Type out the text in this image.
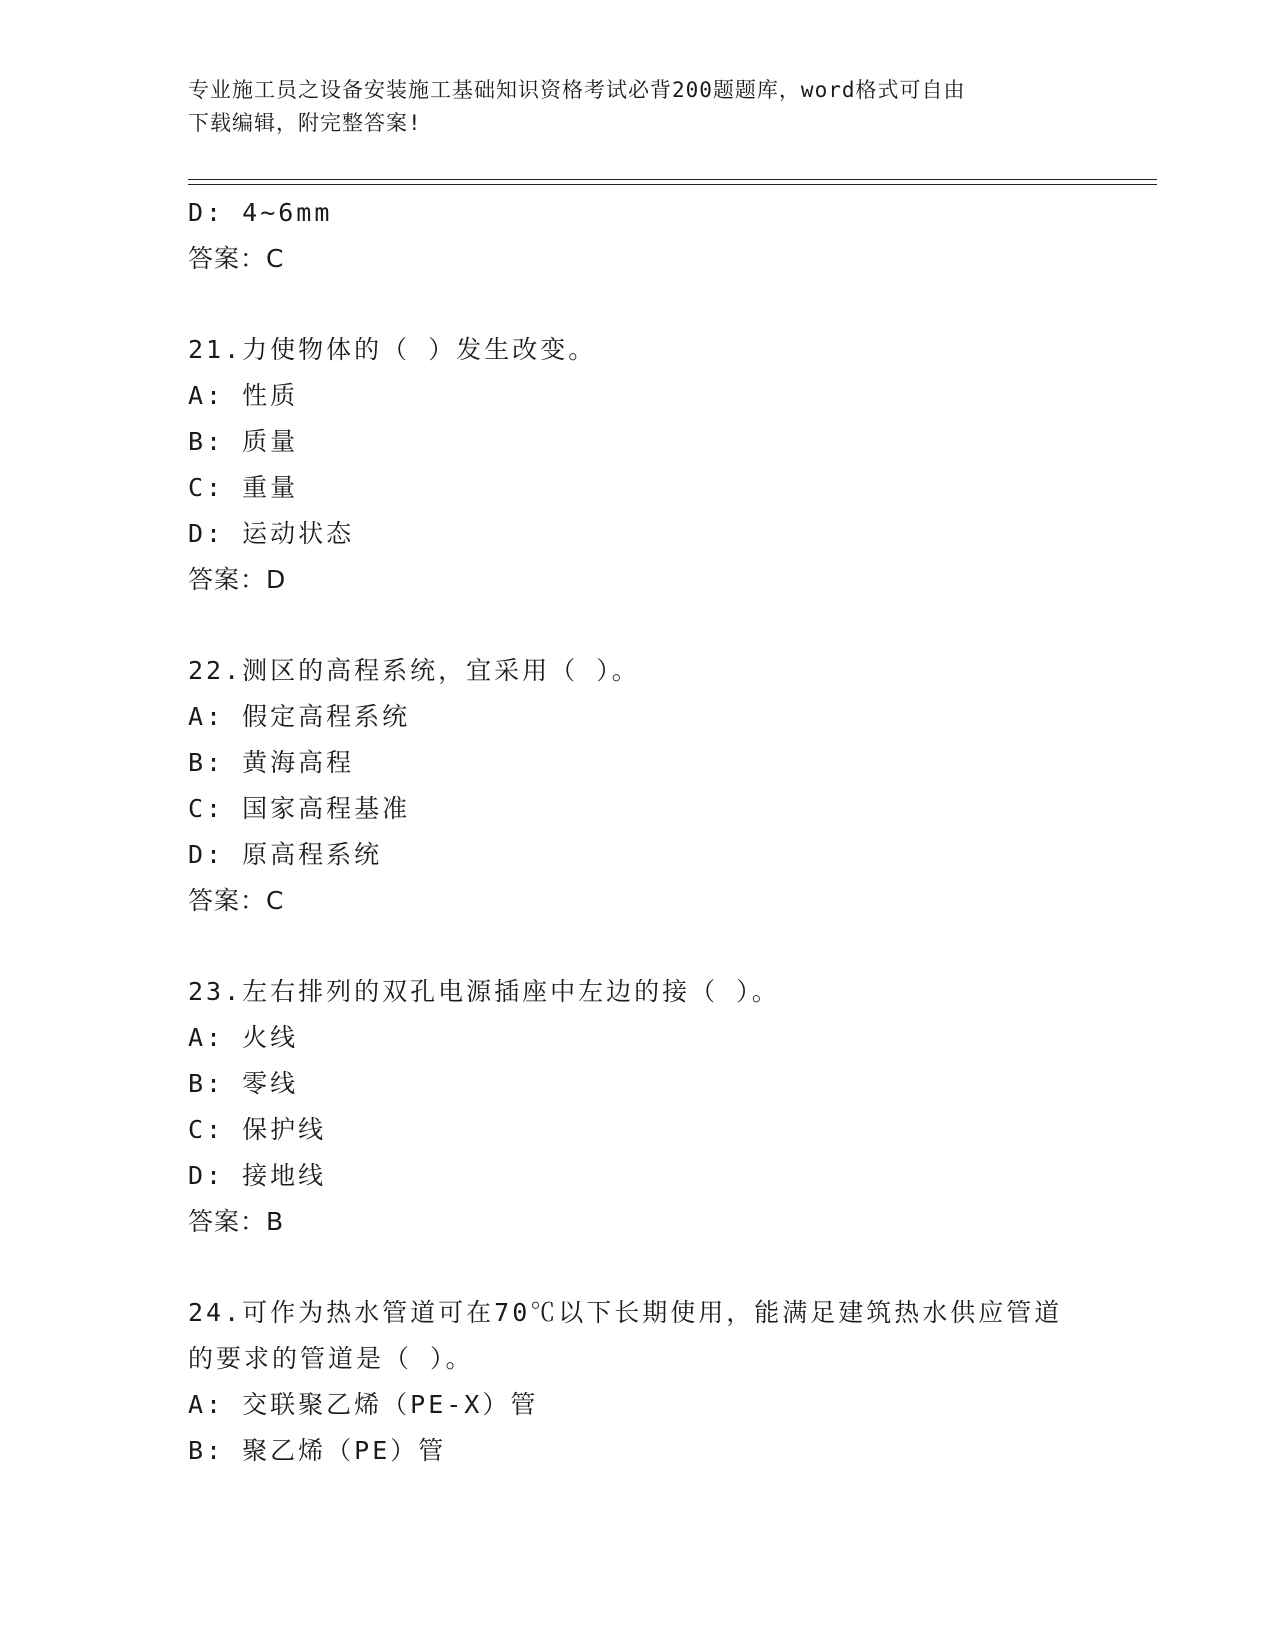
专业施工员之设备安装施工基础知识资格考试必背200题题库，word格式可自由
下载编辑，附完整答案!
D: 4~6mm
答案：C
21.力使物体的（ ）发生改变。
A: 性质
B: 质量
C: 重量
D: 运动状态
答案：D
22.测区的高程系统，宜采用（ ）。
A: 假定高程系统
B: 黄海高程
C: 国家高程基准
D: 原高程系统
答案：C
23.左右排列的双孔电源插座中左边的接（ ）。
A: 火线
B: 零线
C: 保护线
D: 接地线
答案：B
24.可作为热水管道可在70℃以下长期使用，能满足建筑热水供应管道
的要求的管道是（ ）。
A: 交联聚乙烯（PE-X）管
B: 聚乙烯（PE）管
